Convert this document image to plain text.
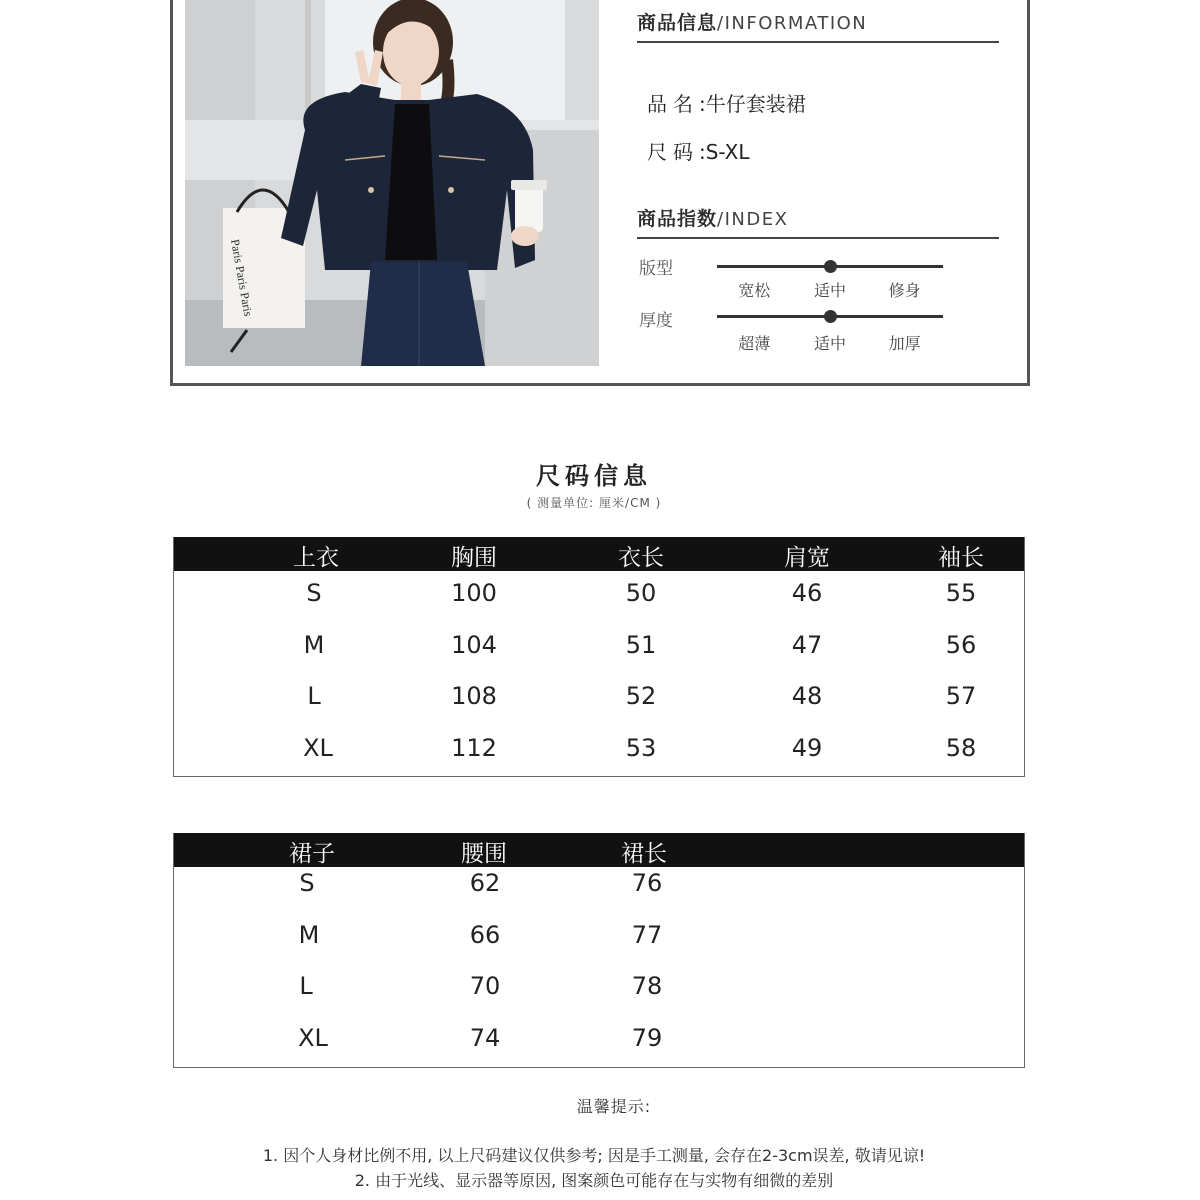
Paris Paris Paris
商品信息/INFORMATION
品名:牛仔套装裙
尺码:S-XL
商品指数/INDEX
版型
宽松	适中	修身
厚度
超薄	适中	加厚
尺码信息
( 测量单位: 厘米/CM )
上衣	胸围	衣长	肩宽	袖长
S	100	50	46	55
M	104	51	47	56
L	108	52	48	57
XL	112	53	49	58
裙子	腰围	裙长
S	62	76
M	66	77
L	70	78
XL	74	79
温馨提示:
1. 因个人身材比例不用, 以上尺码建议仅供参考; 因是手工测量, 会存在2-3cm误差, 敬请见谅!
2. 由于光线、显示器等原因, 图案颜色可能存在与实物有细微的差别
